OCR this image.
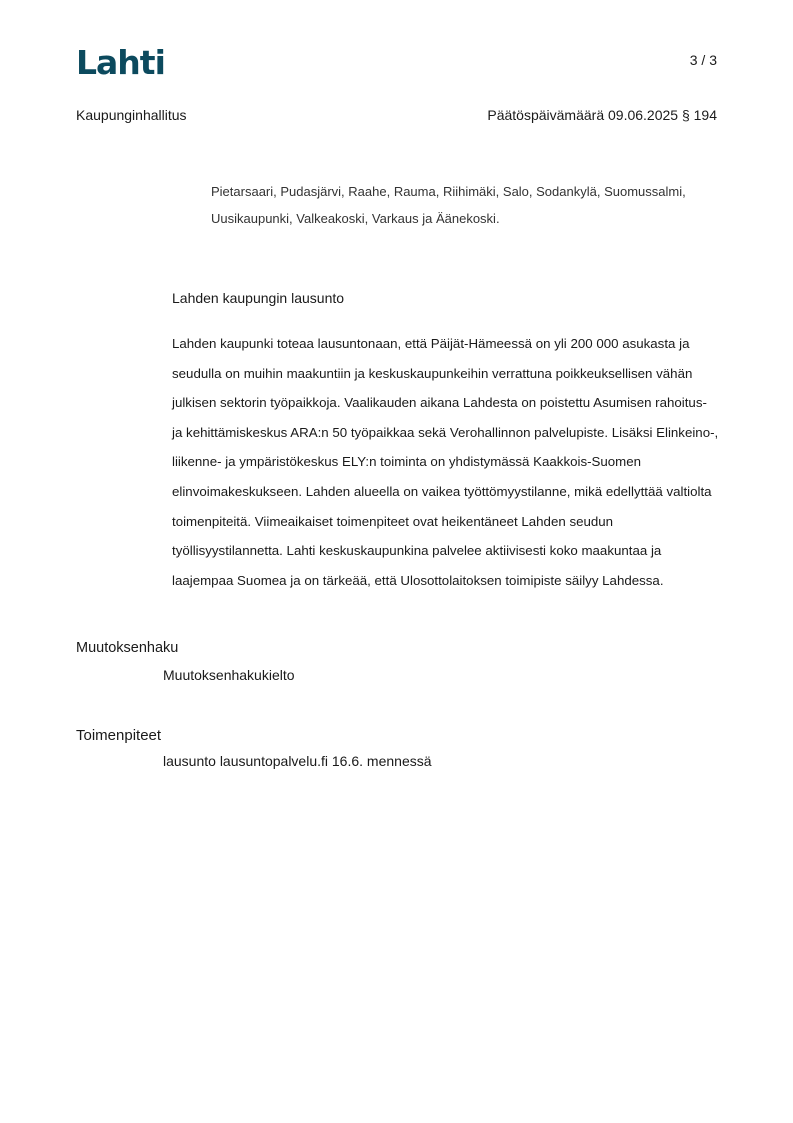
Lahti	3 / 3
Kaupunginhallitus	Päätöspäivämäärä 09.06.2025 § 194
Pietarsaari, Pudasjärvi, Raahe, Rauma, Riihimäki, Salo, Sodankylä, Suomussalmi, Uusikaupunki, Valkeakoski, Varkaus ja Äänekoski.
Lahden kaupungin lausunto
Lahden kaupunki toteaa lausuntonaan, että Päijät-Hämeessä on yli 200 000 asukasta ja seudulla on muihin maakuntiin ja keskuskaupunkeihin verrattuna poikkeuksellisen vähän julkisen sektorin työpaikkoja. Vaalikauden aikana Lahdesta on poistettu Asumisen rahoitus- ja kehittämiskeskus ARA:n 50 työpaikkaa sekä Verohallinnon palvelupiste. Lisäksi Elinkeino-, liikenne- ja ympäristökeskus ELY:n toiminta on yhdistymässä Kaakkois-Suomen elinvoimakeskukseen. Lahden alueella on vaikea työttömyystilanne, mikä edellyttää valtiolta toimenpiteitä. Viimeaikaiset toimenpiteet ovat heikentäneet Lahden seudun työllisyystilannetta. Lahti keskuskaupunkina palvelee aktiivisesti koko maakuntaa ja laajempaa Suomea ja on tärkeää, että Ulosottolaitoksen toimipiste säilyy Lahdessa.
Muutoksenhaku
Muutoksenhakukielto
Toimenpiteet
lausunto lausuntopalvelu.fi 16.6. mennessä
